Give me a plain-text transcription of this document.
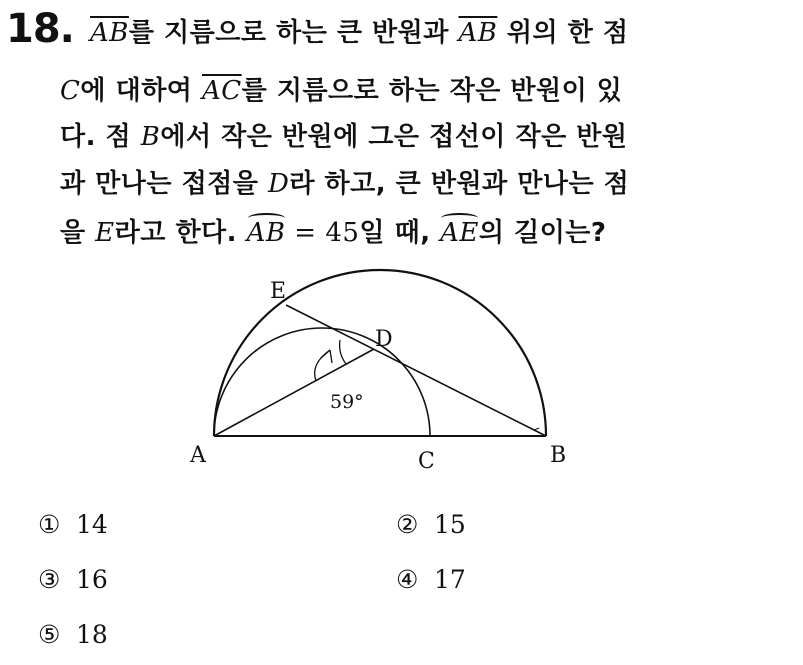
18. $\overline{AB}$를 지름으로 하는 큰 반원과 $\overline{AB}$ 위의 한 점
C에 대하여 $\overline{AC}$를 지름으로 하는 작은 반원이 있
다. 점 B에서 작은 반원에 그은 접선이 작은 반원
과 만나는 접점을 D라 하고, 큰 반원과 만나는 점
을 E라고 한다. AB = 45일 때, AE의 길이는?
E
D
A	C	B
59°
① 14	② 15
③ 16	④ 17
⑤ 18
